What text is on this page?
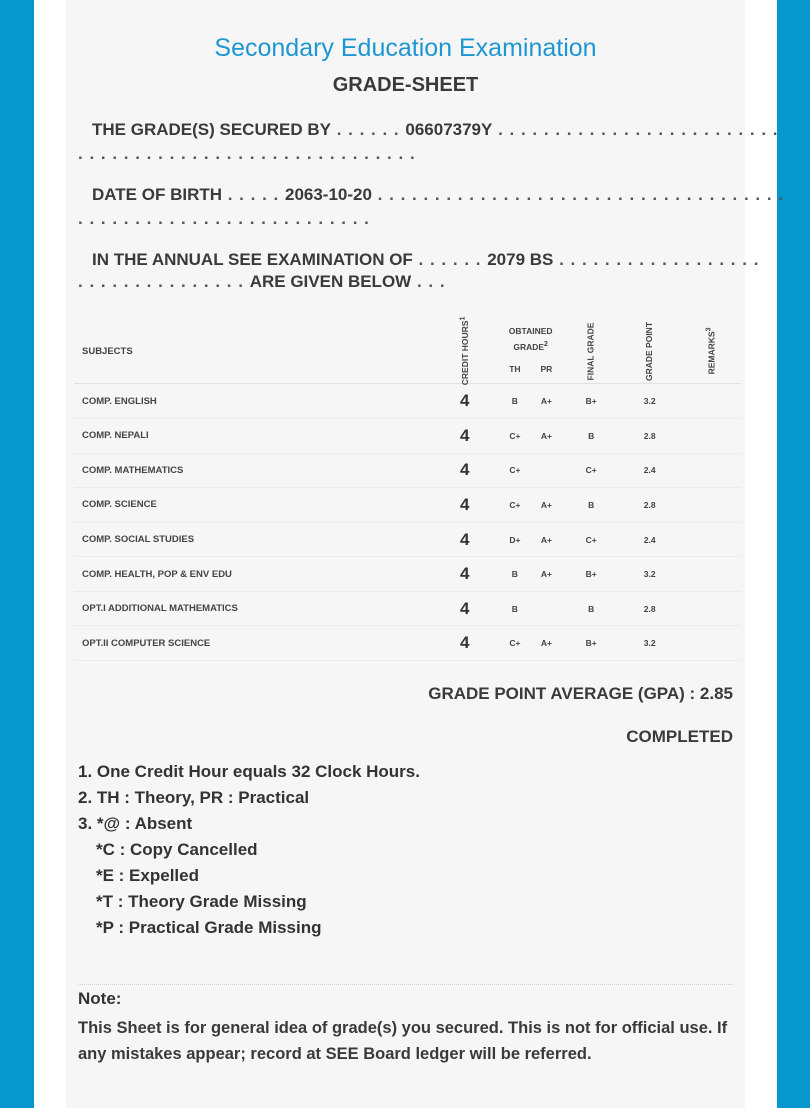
Secondary Education Examination
GRADE-SHEET
THE GRADE(S) SECURED BY . . . . . . 06607379Y . . . . . . . . . . . . . . . . . . . . . . . . .
. . . . . . . . . . . . . . . . . . . . . . . . . . . . . .
DATE OF BIRTH . . . . . 2063-10-20 . . . . . . . . . . . . . . . . . . . . . . . . . . . . . . . . . . . .
. . . . . . . . . . . . . . . . . . . . . . . . . .
IN THE ANNUAL SEE EXAMINATION OF . . . . . . 2079 BS . . . . . . . . . . . . . . . . . .
. . . . . . . . . . . . . . . ARE GIVEN BELOW . . .
SUBJECTS	CREDIT HOURS$^1$	OBTAINED GRADE$^2$		FINAL GRADE	GRADE POINT	REMARKS$^3$
		TH	PR			
COMP. ENGLISH	4	B	A+	B+	3.2	
COMP. NEPALI	4	C+	A+	B	2.8	
COMP. MATHEMATICS	4	C+		C+	2.4	
COMP. SCIENCE	4	C+	A+	B	2.8	
COMP. SOCIAL STUDIES	4	D+	A+	C+	2.4	
COMP. HEALTH, POP & ENV EDU	4	B	A+	B+	3.2	
OPT.I ADDITIONAL MATHEMATICS	4	B		B	2.8	
OPT.II COMPUTER SCIENCE	4	C+	A+	B+	3.2	
GRADE POINT AVERAGE (GPA) : 2.85
COMPLETED
1. One Credit Hour equals 32 Clock Hours.
2. TH : Theory, PR : Practical
3. *@ : Absent
*C : Copy Cancelled
*E : Expelled
*T : Theory Grade Missing
*P : Practical Grade Missing
Note:
This Sheet is for general idea of grade(s) you secured. This is not for official use. If any mistakes appear; record at SEE Board ledger will be referred.
